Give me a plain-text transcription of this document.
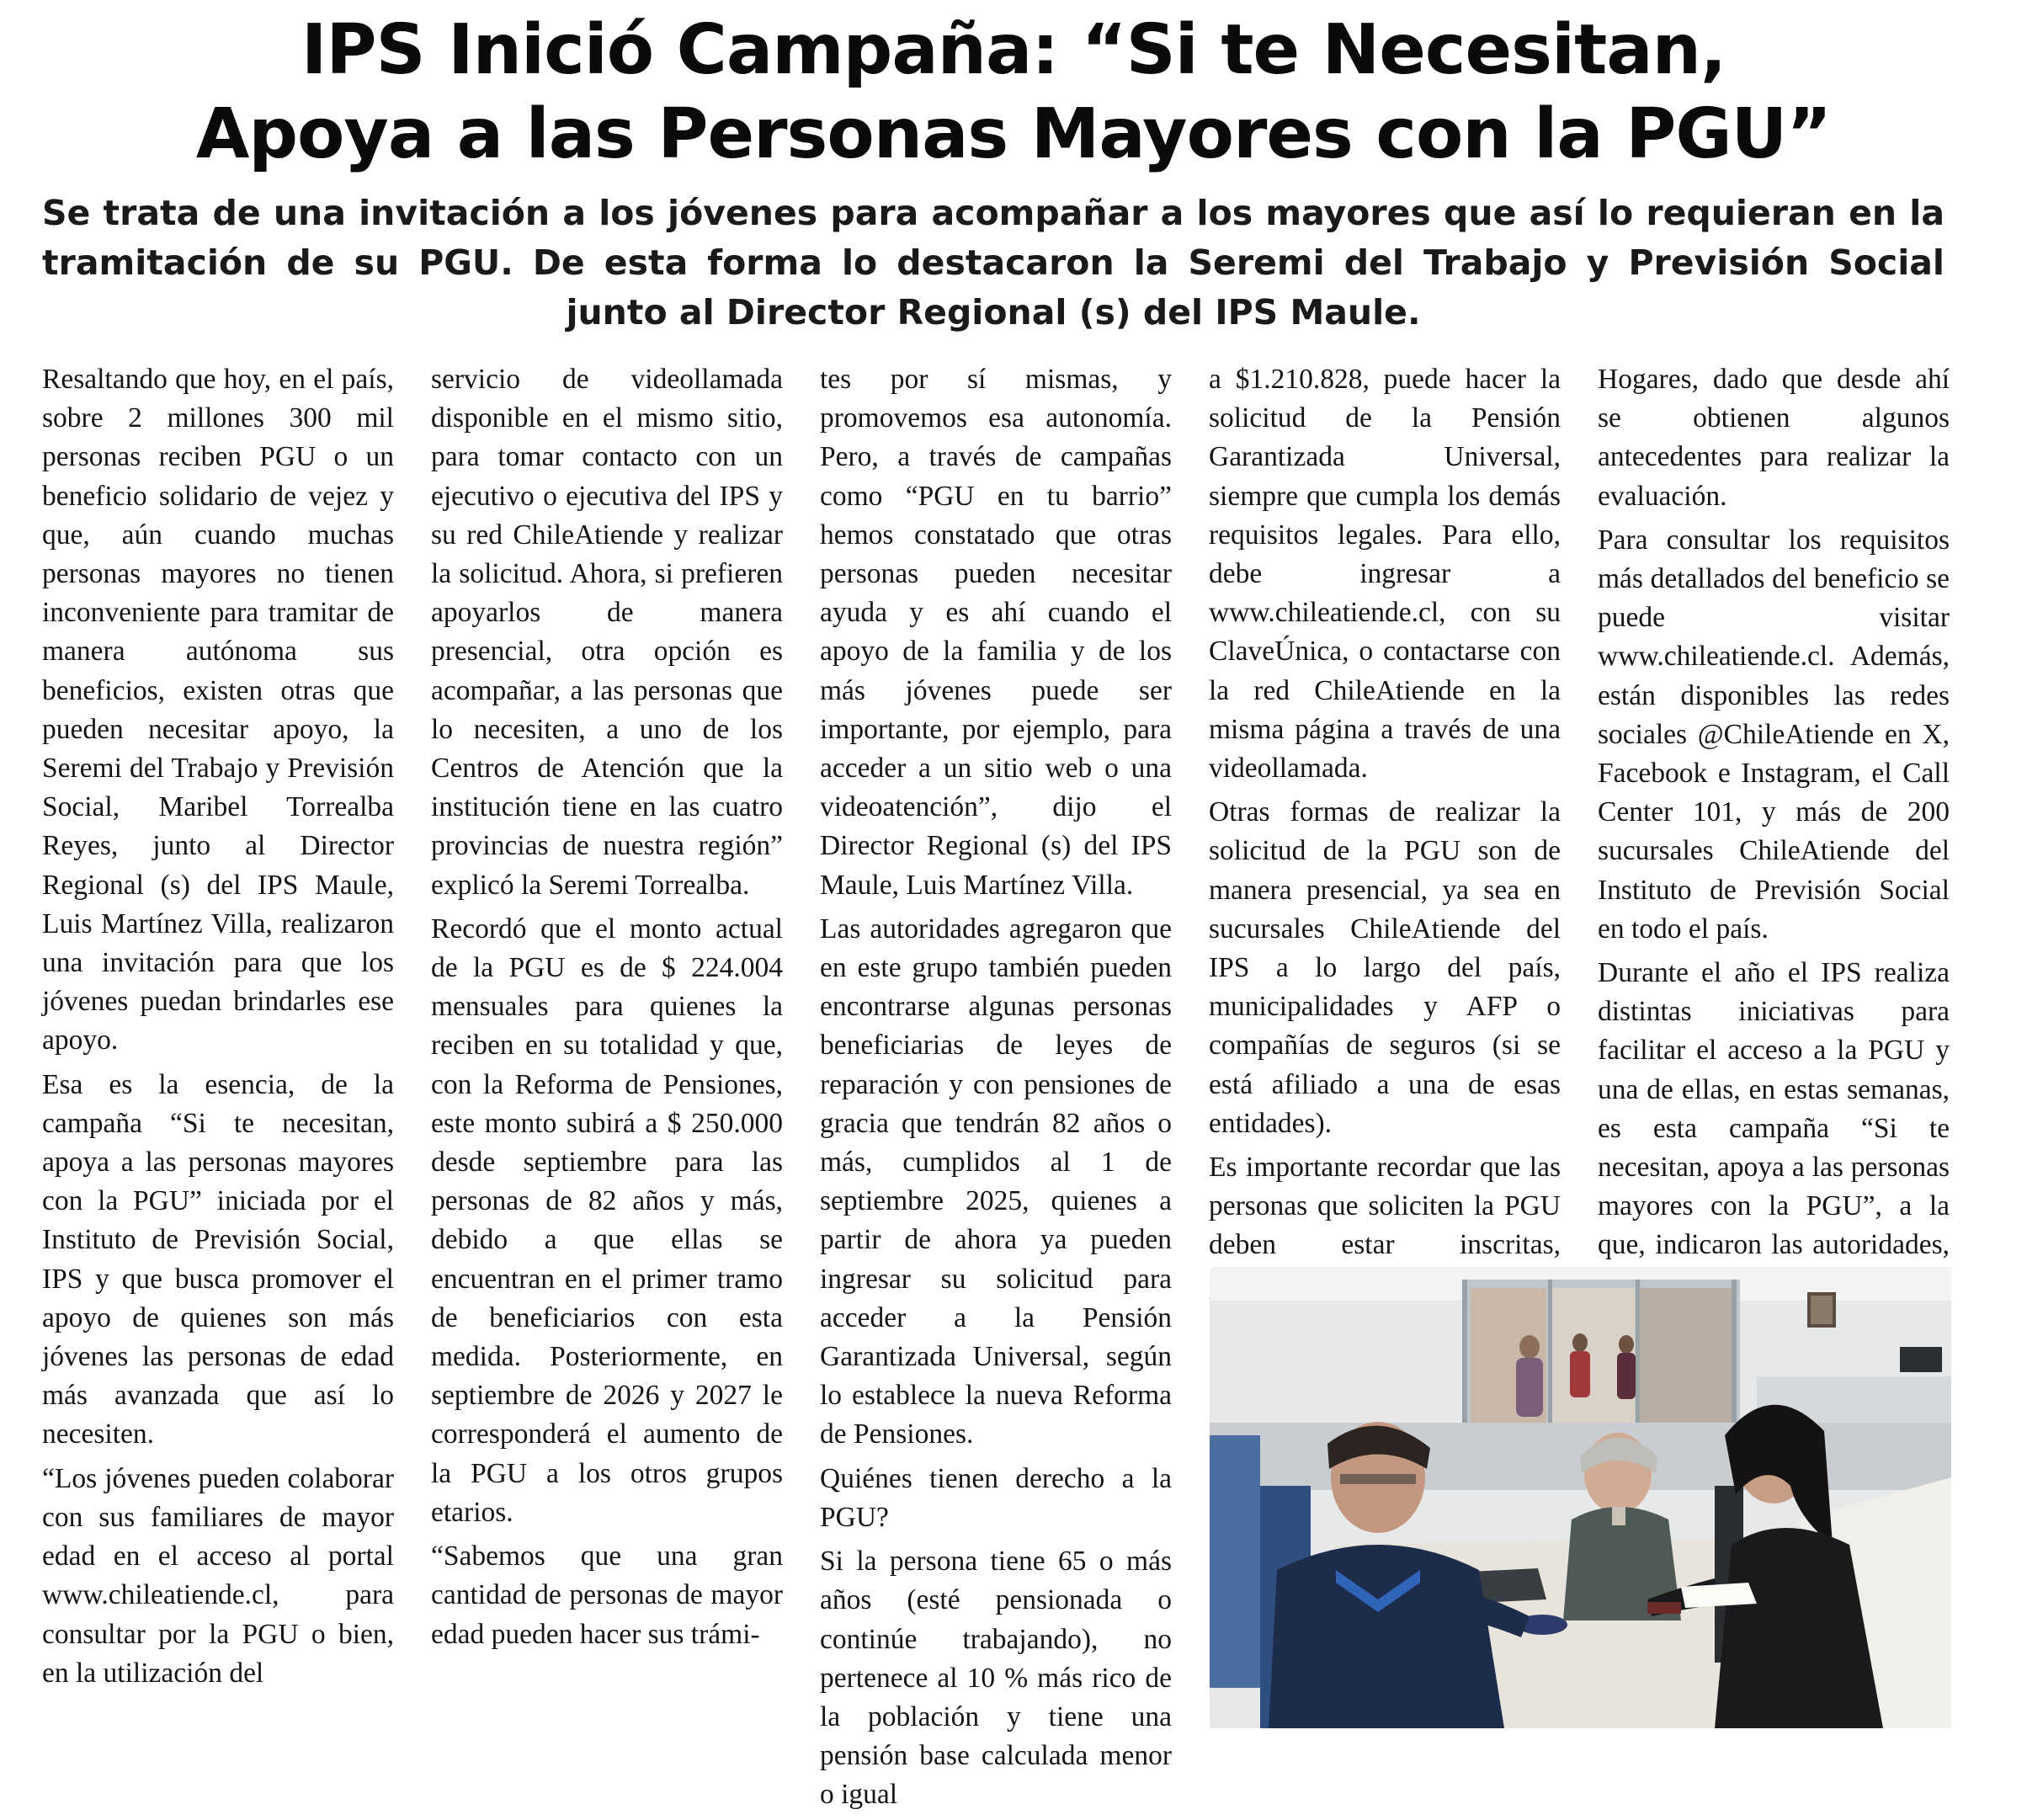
IPS Inició Campaña: “Si te Necesitan,
Apoya a las Personas Mayores con la PGU”

Se trata de una invitación a los jóvenes para acompañar a los mayores que así lo requieran en la tramitación de su PGU. De esta forma lo destacaron la Seremi del Trabajo y Previsión Social junto al Director Regional (s) del IPS Maule.

Resaltando que hoy, en el país, sobre 2 millones 300 mil personas reciben PGU o un beneficio solidario de vejez y que, aún cuando muchas personas mayores no tienen inconveniente para tramitar de manera autónoma sus beneficios, existen otras que pueden necesitar apoyo, la Seremi del Trabajo y Previsión Social, Maribel Torrealba Reyes, junto al Director Regional (s) del IPS Maule, Luis Martínez Villa, realizaron una invitación para que los jóvenes puedan brindarles ese apoyo.

Esa es la esencia, de la campaña “Si te necesitan, apoya a las personas mayores con la PGU” iniciada por el Instituto de Previsión Social, IPS y que busca promover el apoyo de quienes son más jóvenes las personas de edad más avanzada que así lo necesiten.

“Los jóvenes pueden colaborar con sus familiares de mayor edad en el acceso al portal www.chileatiende.cl, para consultar por la PGU o bien, en la utilización del

servicio de videollamada disponible en el mismo sitio, para tomar contacto con un ejecutivo o ejecutiva del IPS y su red ChileAtiende y realizar la solicitud. Ahora, si prefieren apoyarlos de manera presencial, otra opción es acompañar, a las personas que lo necesiten, a uno de los Centros de Atención que la institución tiene en las cuatro provincias de nuestra región” explicó la Seremi Torrealba.

Recordó que el monto actual de la PGU es de $ 224.004 mensuales para quienes la reciben en su totalidad y que, con la Reforma de Pensiones, este monto subirá a $ 250.000 desde septiembre para las personas de 82 años y más, debido a que ellas se encuentran en el primer tramo de beneficiarios con esta medida. Posteriormente, en septiembre de 2026 y 2027 le corresponderá el aumento de la PGU a los otros grupos etarios.

“Sabemos que una gran cantidad de personas de mayor edad pueden hacer sus trámi-

tes por sí mismas, y promovemos esa autonomía. Pero, a través de campañas como “PGU en tu barrio” hemos constatado que otras personas pueden necesitar ayuda y es ahí cuando el apoyo de la familia y de los más jóvenes puede ser importante, por ejemplo, para acceder a un sitio web o una videoatención”, dijo el Director Regional (s) del IPS Maule, Luis Martínez Villa.

Las autoridades agregaron que en este grupo también pueden encontrarse algunas personas beneficiarias de leyes de reparación y con pensiones de gracia que tendrán 82 años o más, cumplidos al 1 de septiembre 2025, quienes a partir de ahora ya pueden ingresar su solicitud para acceder a la Pensión Garantizada Universal, según lo establece la nueva Reforma de Pensiones.

Quiénes tienen derecho a la PGU?

Si la persona tiene 65 o más años (esté pensionada o continúe trabajando), no pertenece al 10 % más rico de la población y tiene una pensión base calculada menor o igual

a $1.210.828, puede hacer la solicitud de la Pensión Garantizada Universal, siempre que cumpla los demás requisitos legales. Para ello, debe ingresar a www.chileatiende.cl, con su ClaveÚnica, o contactarse con la red ChileAtiende en la misma página a través de una videollamada.

Otras formas de realizar la solicitud de la PGU son de manera presencial, ya sea en sucursales ChileAtiende del IPS a lo largo del país, municipalidades y AFP o compañías de seguros (si se está afiliado a una de esas entidades).

Es importante recordar que las personas que soliciten la PGU deben estar inscritas,

Hogares, dado que desde ahí se obtienen algunos antecedentes para realizar la evaluación.

Para consultar los requisitos más detallados del beneficio se puede visitar www.chileatiende.cl. Además, están disponibles las redes sociales @ChileAtiende en X, Facebook e Instagram, el Call Center 101, y más de 200 sucursales ChileAtiende del Instituto de Previsión Social en todo el país.

Durante el año el IPS realiza distintas iniciativas para facilitar el acceso a la PGU y una de ellas, en estas semanas, es esta campaña “Si te necesitan, apoya a las personas mayores con la PGU”, a la que, indicaron las autoridades,
